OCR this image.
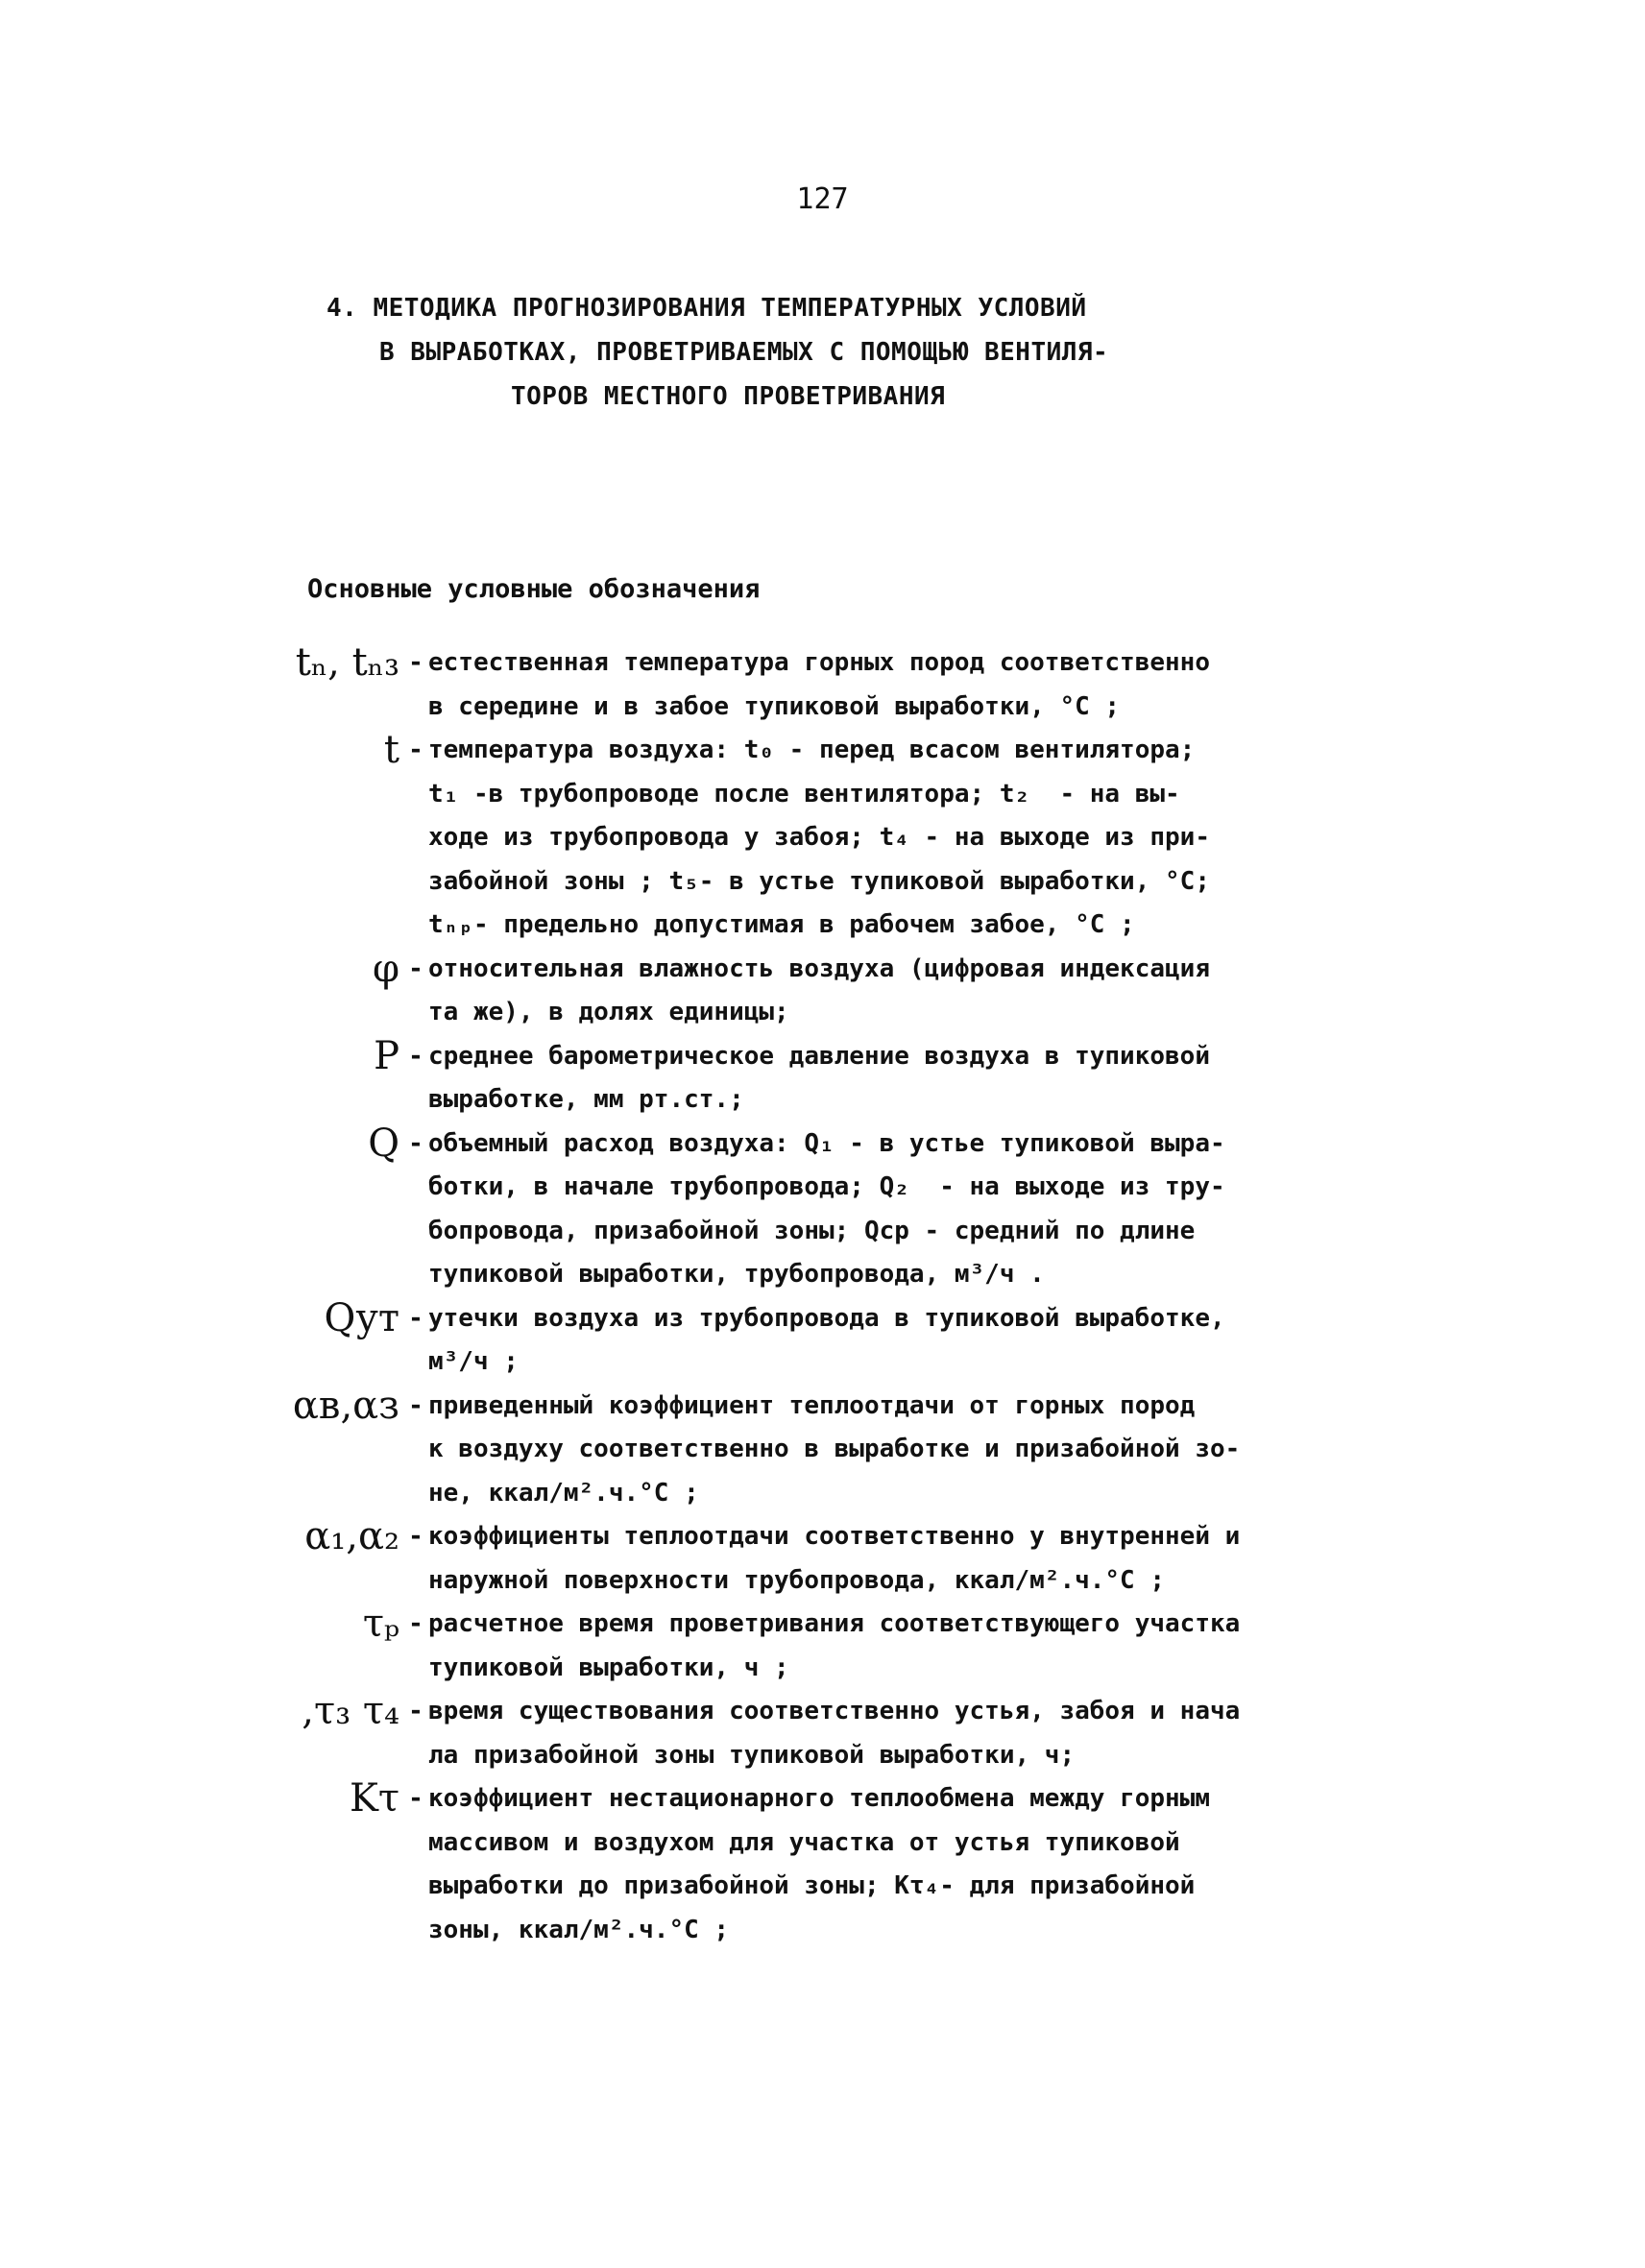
127
4. МЕТОДИКА ПРОГНОЗИРОВАНИЯ ТЕМПЕРАТУРНЫХ УСЛОВИЙ
В ВЫРАБОТКАХ, ПРОВЕТРИВАЕМЫХ С ПОМОЩЬЮ ВЕНТИЛЯ-
ТОРОВ МЕСТНОГО ПРОВЕТРИВАНИЯ
Основные условные обозначения
tₙ, tₙ₃ - естественная температура горных пород соответственно
в середине и в забое тупиковой выработки, °С ;
t - температура воздуха: t₀ - перед всасом вентилятора;
t₁ -в трубопроводе после вентилятора; t₂  - на вы-
ходе из трубопровода у забоя; t₄ - на выходе из при-
забойной зоны ; t₅- в устье тупиковой выработки, °С;
tₙₚ- предельно допустимая в рабочем забое, °С ;
φ - относительная влажность воздуха (цифровая индексация
та же), в долях единицы;
P - среднее барометрическое давление воздуха в тупиковой
выработке, мм рт.ст.;
Q - объемный расход воздуха: Q₁ - в устье тупиковой выра-
ботки, в начале трубопровода; Q₂  - на выходе из тру-
бопровода, призабойной зоны; Qср - средний по длине
тупиковой выработки, трубопровода, м³/ч .
Qут - утечки воздуха из трубопровода в тупиковой выработке,
м³/ч ;
αв,αз - приведенный коэффициент теплоотдачи от горных пород
к воздуху соответственно в выработке и призабойной зо-
не, ккал/м².ч.°С ;
α₁,α₂ - коэффициенты теплоотдачи соответственно у внутренней и
наружной поверхности трубопровода, ккал/м².ч.°С ;
τₚ - расчетное время проветривания соответствующего участка
тупиковой выработки, ч ;
,τ₃ τ₄ - время существования соответственно устья, забоя и нача
ла призабойной зоны тупиковой выработки, ч;
Kτ - коэффициент нестационарного теплообмена между горным
массивом и воздухом для участка от устья тупиковой
выработки до призабойной зоны; Kτ₄- для призабойной
зоны, ккал/м².ч.°С ;
